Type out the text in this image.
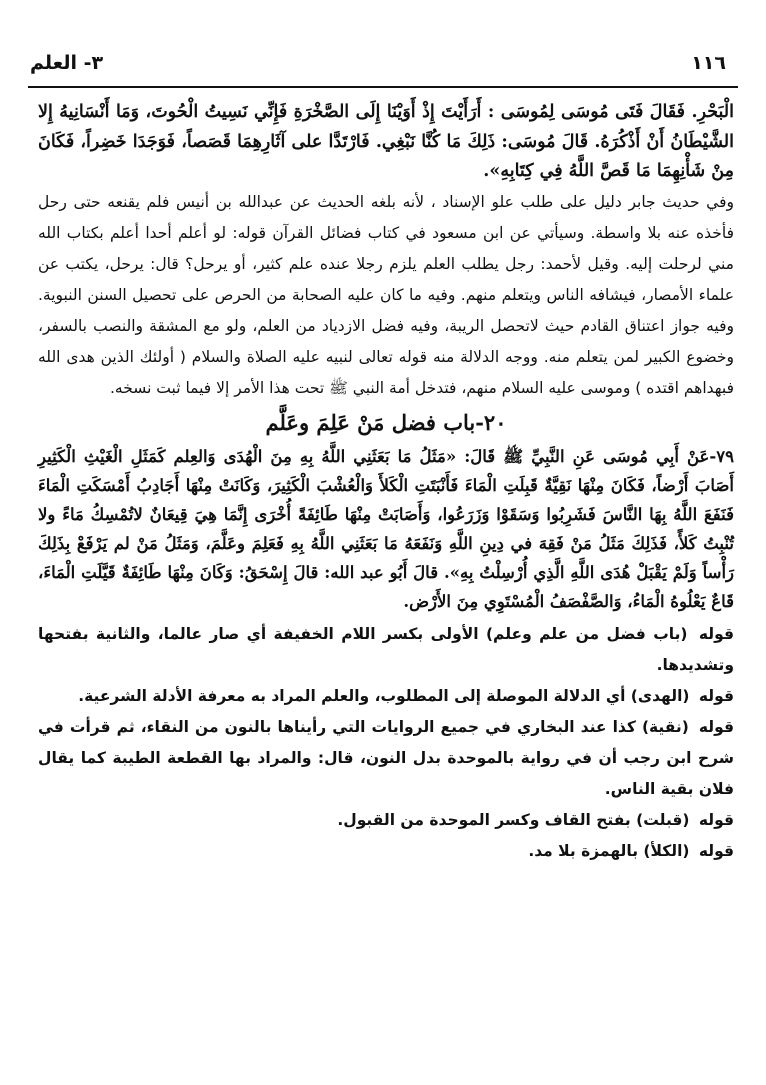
١١٦
٣- العلم

الْبَحْرِ. فَقَالَ فَتَى مُوسَى لِمُوسَى : أَرَأَيْتَ إِذْ أَوَيْنَا إِلَى الصَّخْرَةِ فَإِنِّي نَسِيتُ الْحُوتَ، وَمَا أَنْسَانِيهُ إِلا الشَّيْطَانُ أَنْ أَذْكُرَهُ. قَالَ مُوسَى: ذَلِكَ مَا كُنَّا نَبْغِي. فَارْتَدَّا على آثَارِهِمَا قَصَصاً، فَوَجَدَا خَضِراً، فَكَانَ مِنْ شَأْنِهِمَا مَا قَصَّ اللَّهُ فِي كِتَابِهِ».

وفي حديث جابر دليل على طلب علو الإسناد ، لأنه بلغه الحديث عن عبدالله بن أنيس فلم يقنعه حتى رحل فأخذه عنه بلا واسطة. وسيأتي عن ابن مسعود في كتاب فضائل القرآن قوله: لو أعلم أحدا أعلم بكتاب الله مني لرحلت إليه. وقيل لأحمد: رجل يطلب العلم يلزم رجلا عنده علم كثير، أو يرحل؟ قال: يرحل، يكتب عن علماء الأمصار، فيشافه الناس ويتعلم منهم. وفيه ما كان عليه الصحابة من الحرص على تحصيل السنن النبوية. وفيه جواز اعتناق القادم حيث لاتحصل الريبة، وفيه فضل الازدياد من العلم، ولو مع المشقة والنصب بالسفر، وخضوع الكبير لمن يتعلم منه. ووجه الدلالة منه قوله تعالى لنبيه عليه الصلاة والسلام ( أولئك الذين هدى الله فبهداهم اقتده ) وموسى عليه السلام منهم، فتدخل أمة النبي ﷺ تحت هذا الأمر إلا فيما ثبت نسخه.

٢٠-باب فضل مَنْ عَلِمَ وعَلَّم

٧٩-عَنْ أَبِي مُوسَى عَنِ النَّبِيِّ ﷺ قَالَ: «مَثَلُ مَا بَعَثَنِي اللَّهُ بِهِ مِنَ الْهُدَى وَالعِلم كَمَثَلِ الْغَيْثِ الْكَثِيرِ أَصَابَ أَرْضاً، فَكَانَ مِنْهَا نَقِيَّةٌ قَبِلَتِ الْمَاءَ فَأَنْبَتَتِ الْكَلأَ وَالْعُشْبَ الْكَثِيرَ، وَكَانَتْ مِنْهَا أَجَادِبُ أَمْسَكَتِ الْمَاءَ فَنَفَعَ اللَّهُ بِهَا النَّاسَ فَشَرِبُوا وَسَقَوْا وَزَرَعُوا، وَأَصَابَتْ مِنْهَا طَائِفَةً أُخْرَى إِنَّمَا هِيَ قِيعَانٌ لاتُمْسِكُ مَاءً ولا تُنْبِتُ كَلأً، فَذَلِكَ مَثَلُ مَنْ فَقِهَ في دِينِ اللَّهِ وَنَفَعَهُ مَا بَعَثَنِي اللَّهُ بِهِ فَعَلِمَ وعَلَّمَ، وَمَثَلُ مَنْ لم يَرْفَعْ بِذَلِكَ رَأْساً وَلَمْ يَقْبَلْ هُدَى اللَّهِ الَّذِي أُرْسِلْتُ بِهِ». قالَ أَبُو عبد الله: قالَ إِسْحَقُ: وَكَانَ مِنْهَا طَائِفَةٌ قَيَّلَتِ الْمَاءَ، قَاعٌ يَعْلُوهُ الْمَاءُ، وَالصَّفْصَفُ الْمُسْتَوِي مِنَ الأَرْض.

قوله (باب فضل من علم وعلم) الأولى بكسر اللام الخفيفة أي صار عالما، والثانية بفتحها وتشديدها.

قوله (الهدى) أي الدلالة الموصلة إلى المطلوب، والعلم المراد به معرفة الأدلة الشرعية.

قوله (نقية) كذا عند البخاري في جميع الروايات التي رأيناها بالنون من النقاء، ثم قرأت في شرح ابن رجب أن في رواية بالموحدة بدل النون، قال: والمراد بها القطعة الطيبة كما يقال فلان بقية الناس.

قوله (قبلت) بفتح القاف وكسر الموحدة من القبول.

قوله (الكلأ) بالهمزة بلا مد.
